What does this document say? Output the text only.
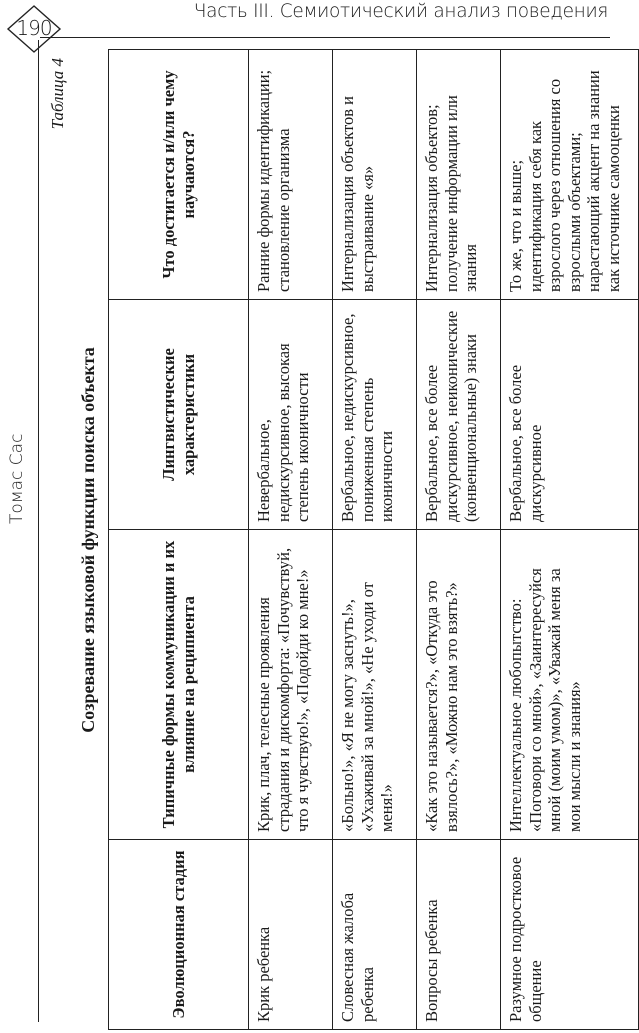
190
Часть III. Семиотический анализ поведения
Томас Сас
Таблица 4
Созревание языковой функции поиска объекта
Эволюционная стадия	Типичные формы коммуникации и их влияние на реципиента	Лингвистические характеристики	Что достигается и/или чему научаются?
Крик ребенка	Крик, плач, телесные проявления страдания и дискомфорта: «Почувствуй, что я чувствую!», «Подойди ко мне!»	Невербальное, недискурсивное, высокая степень иконичности	Ранние формы идентификации; становление организма
Словесная жалоба ребенка	«Больно!», «Я не могу заснуть!», «Ухаживай за мной!», «Не уходи от меня!»	Вербальное, недискурсивное, пониженная степень иконичности	Интернализация объектов и выстраивание «я»
Вопросы ребенка	«Как это называется?», «Откуда это взялось?», «Можно нам это взять?»	Вербальное, все более дискурсивное, неиконические (конвенциональные) знаки	Интернализация объектов; получение информации или знания
Разумное подростковое общение	Интеллектуальное любопытство: «Поговори со мной», «Заинтересуйся мной (моим умом)», «Уважай меня за мои мысли и знания»	Вербальное, все более дискурсивное	То же, что и выше; идентификация себя как взрослого через отношения со взрослыми объектами; нарастающий акцент на знании как источнике самооценки
